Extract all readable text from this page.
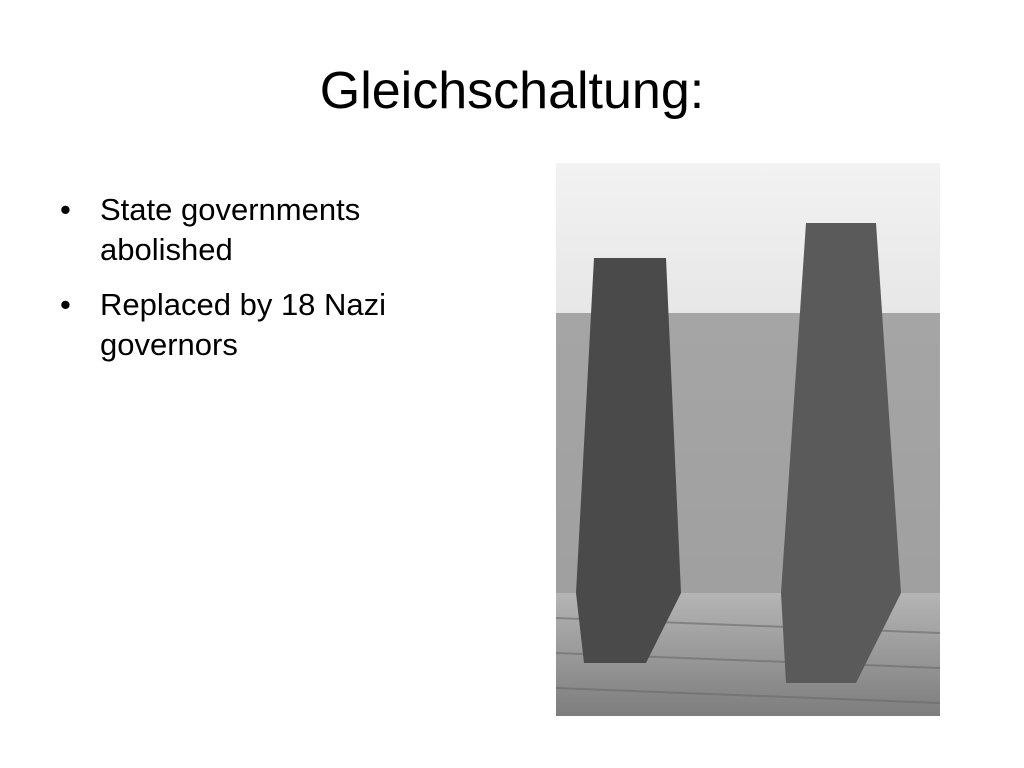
Gleichschaltung:
• State governments abolished
• Replaced by 18 Nazi governors
